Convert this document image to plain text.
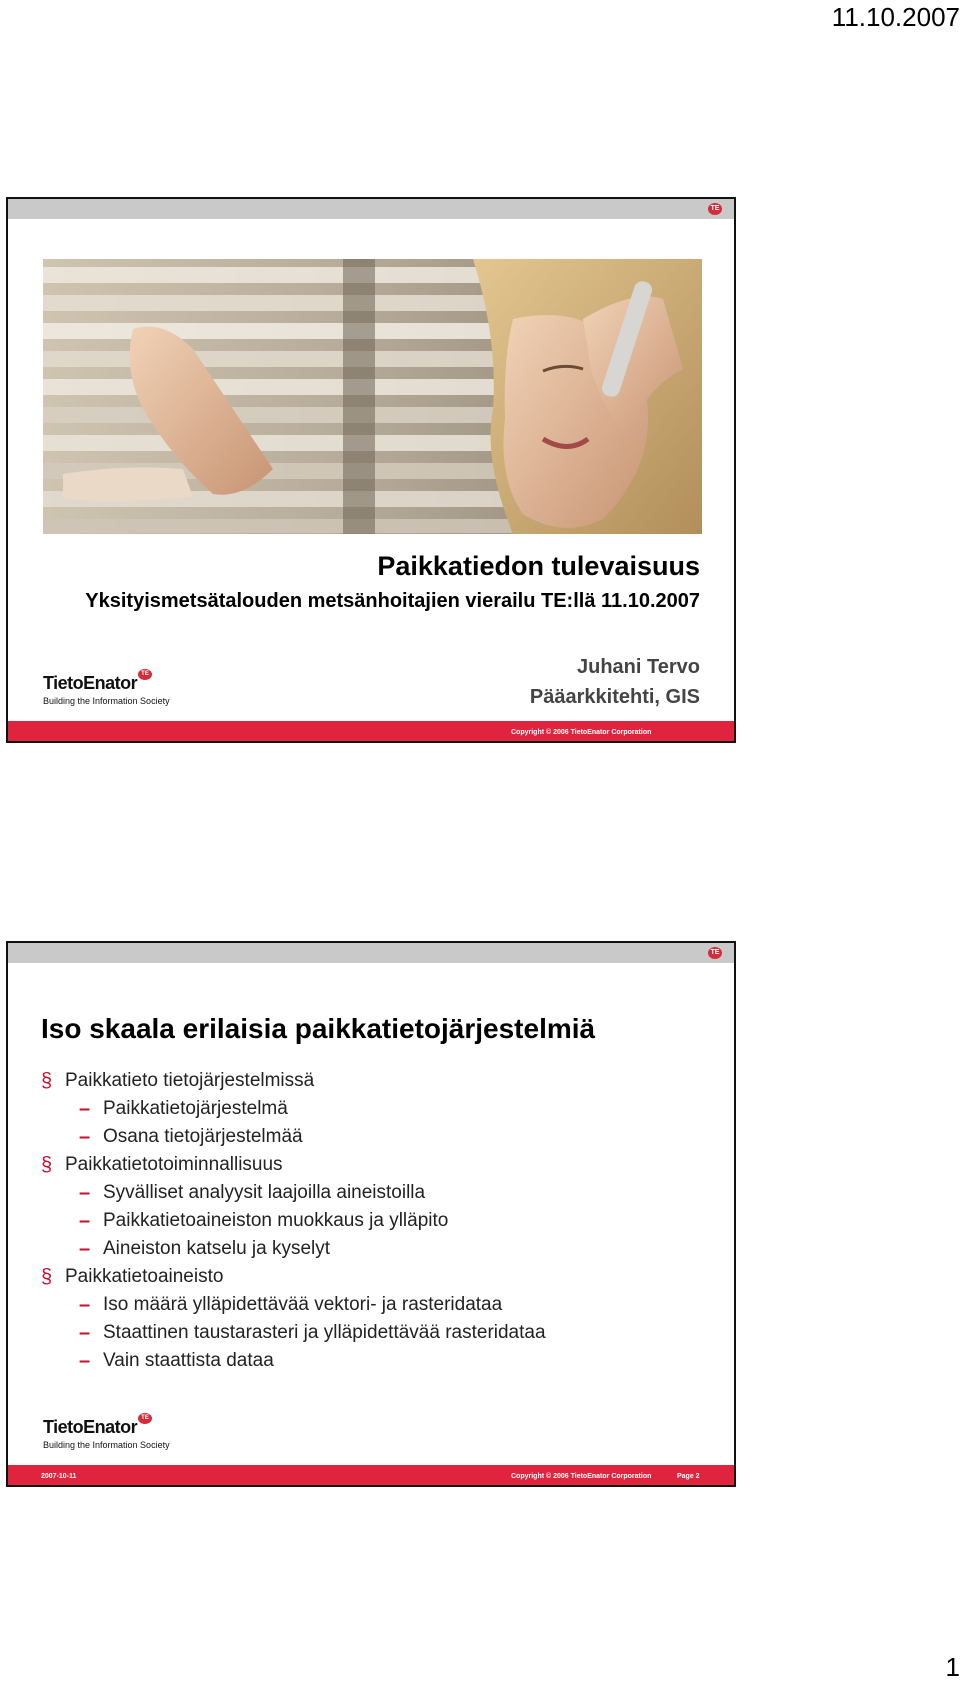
11.10.2007
TE
Paikkatiedon tulevaisuus
Yksityismetsätalouden metsänhoitajien vierailu TE:llä 11.10.2007
Juhani Tervo
Pääarkkitehti, GIS
TietoEnator TE
Building the Information Society
Copyright © 2006 TietoEnator Corporation
TE
Iso skaala erilaisia paikkatietojärjestelmiä
§ Paikkatieto tietojärjestelmissä
– Paikkatietojärjestelmä
– Osana tietojärjestelmää
§ Paikkatietotoiminnallisuus
– Syvälliset analyysit laajoilla aineistoilla
– Paikkatietoaineiston muokkaus ja ylläpito
– Aineiston katselu ja kyselyt
§ Paikkatietoaineisto
– Iso määrä ylläpidettävää vektori- ja rasteridataa
– Staattinen taustarasteri ja ylläpidettävää rasteridataa
– Vain staattista dataa
TietoEnator TE
Building the Information Society
2007-10-11	Copyright © 2006 TietoEnator Corporation	Page 2
1
